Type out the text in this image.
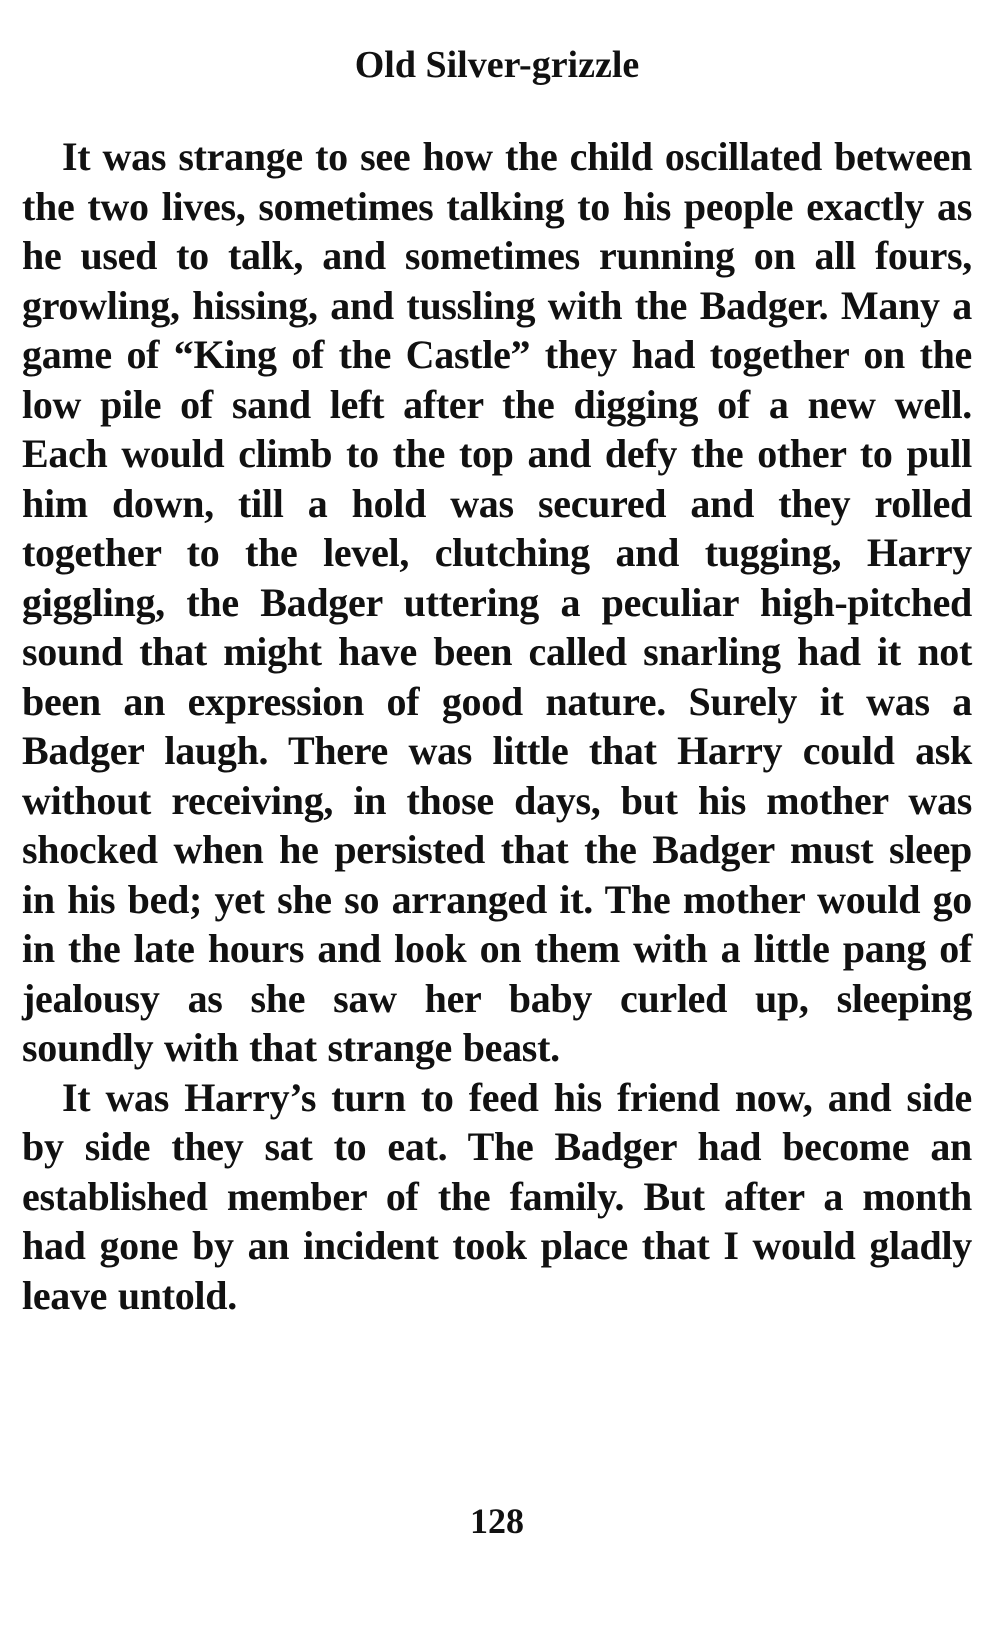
Old Silver-grizzle

It was strange to see how the child oscillated between the two lives, sometimes talking to his people exactly as he used to talk, and sometimes running on all fours, growling, hissing, and tussling with the Badger. Many a game of “King of the Castle” they had together on the low pile of sand left after the digging of a new well. Each would climb to the top and defy the other to pull him down, till a hold was secured and they rolled together to the level, clutching and tugging, Harry giggling, the Badger uttering a peculiar high-pitched sound that might have been called snarling had it not been an expression of good nature. Surely it was a Badger laugh. There was little that Harry could ask without receiving, in those days, but his mother was shocked when he persisted that the Badger must sleep in his bed; yet she so arranged it. The mother would go in the late hours and look on them with a little pang of jealousy as she saw her baby curled up, sleeping soundly with that strange beast.

It was Harry’s turn to feed his friend now, and side by side they sat to eat. The Badger had become an established member of the family. But after a month had gone by an incident took place that I would gladly leave untold.

128
